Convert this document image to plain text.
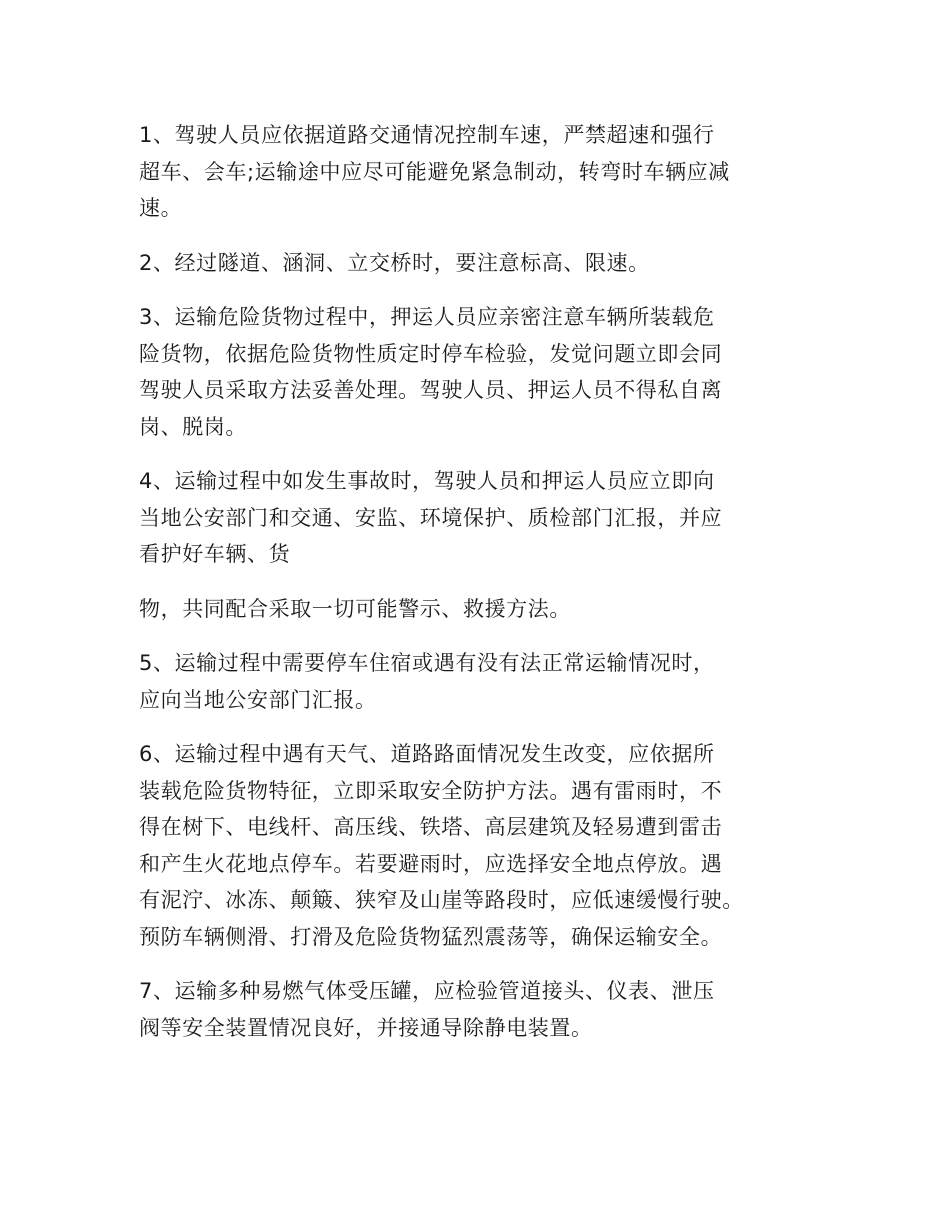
1、驾驶人员应依据道路交通情况控制车速，严禁超速和强行
超车、会车;运输途中应尽可能避免紧急制动，转弯时车辆应减
速。

2、经过隧道、涵洞、立交桥时，要注意标高、限速。

3、运输危险货物过程中，押运人员应亲密注意车辆所装载危
险货物，依据危险货物性质定时停车检验，发觉问题立即会同
驾驶人员采取方法妥善处理。驾驶人员、押运人员不得私自离
岗、脱岗。

4、运输过程中如发生事故时，驾驶人员和押运人员应立即向
当地公安部门和交通、安监、环境保护、质检部门汇报，并应
看护好车辆、货

物，共同配合采取一切可能警示、救援方法。

5、运输过程中需要停车住宿或遇有没有法正常运输情况时，
应向当地公安部门汇报。

6、运输过程中遇有天气、道路路面情况发生改变，应依据所
装载危险货物特征，立即采取安全防护方法。遇有雷雨时，不
得在树下、电线杆、高压线、铁塔、高层建筑及轻易遭到雷击
和产生火花地点停车。若要避雨时，应选择安全地点停放。遇
有泥泞、冰冻、颠簸、狭窄及山崖等路段时，应低速缓慢行驶。
预防车辆侧滑、打滑及危险货物猛烈震荡等，确保运输安全。

7、运输多种易燃气体受压罐，应检验管道接头、仪表、泄压
阀等安全装置情况良好，并接通导除静电装置。
